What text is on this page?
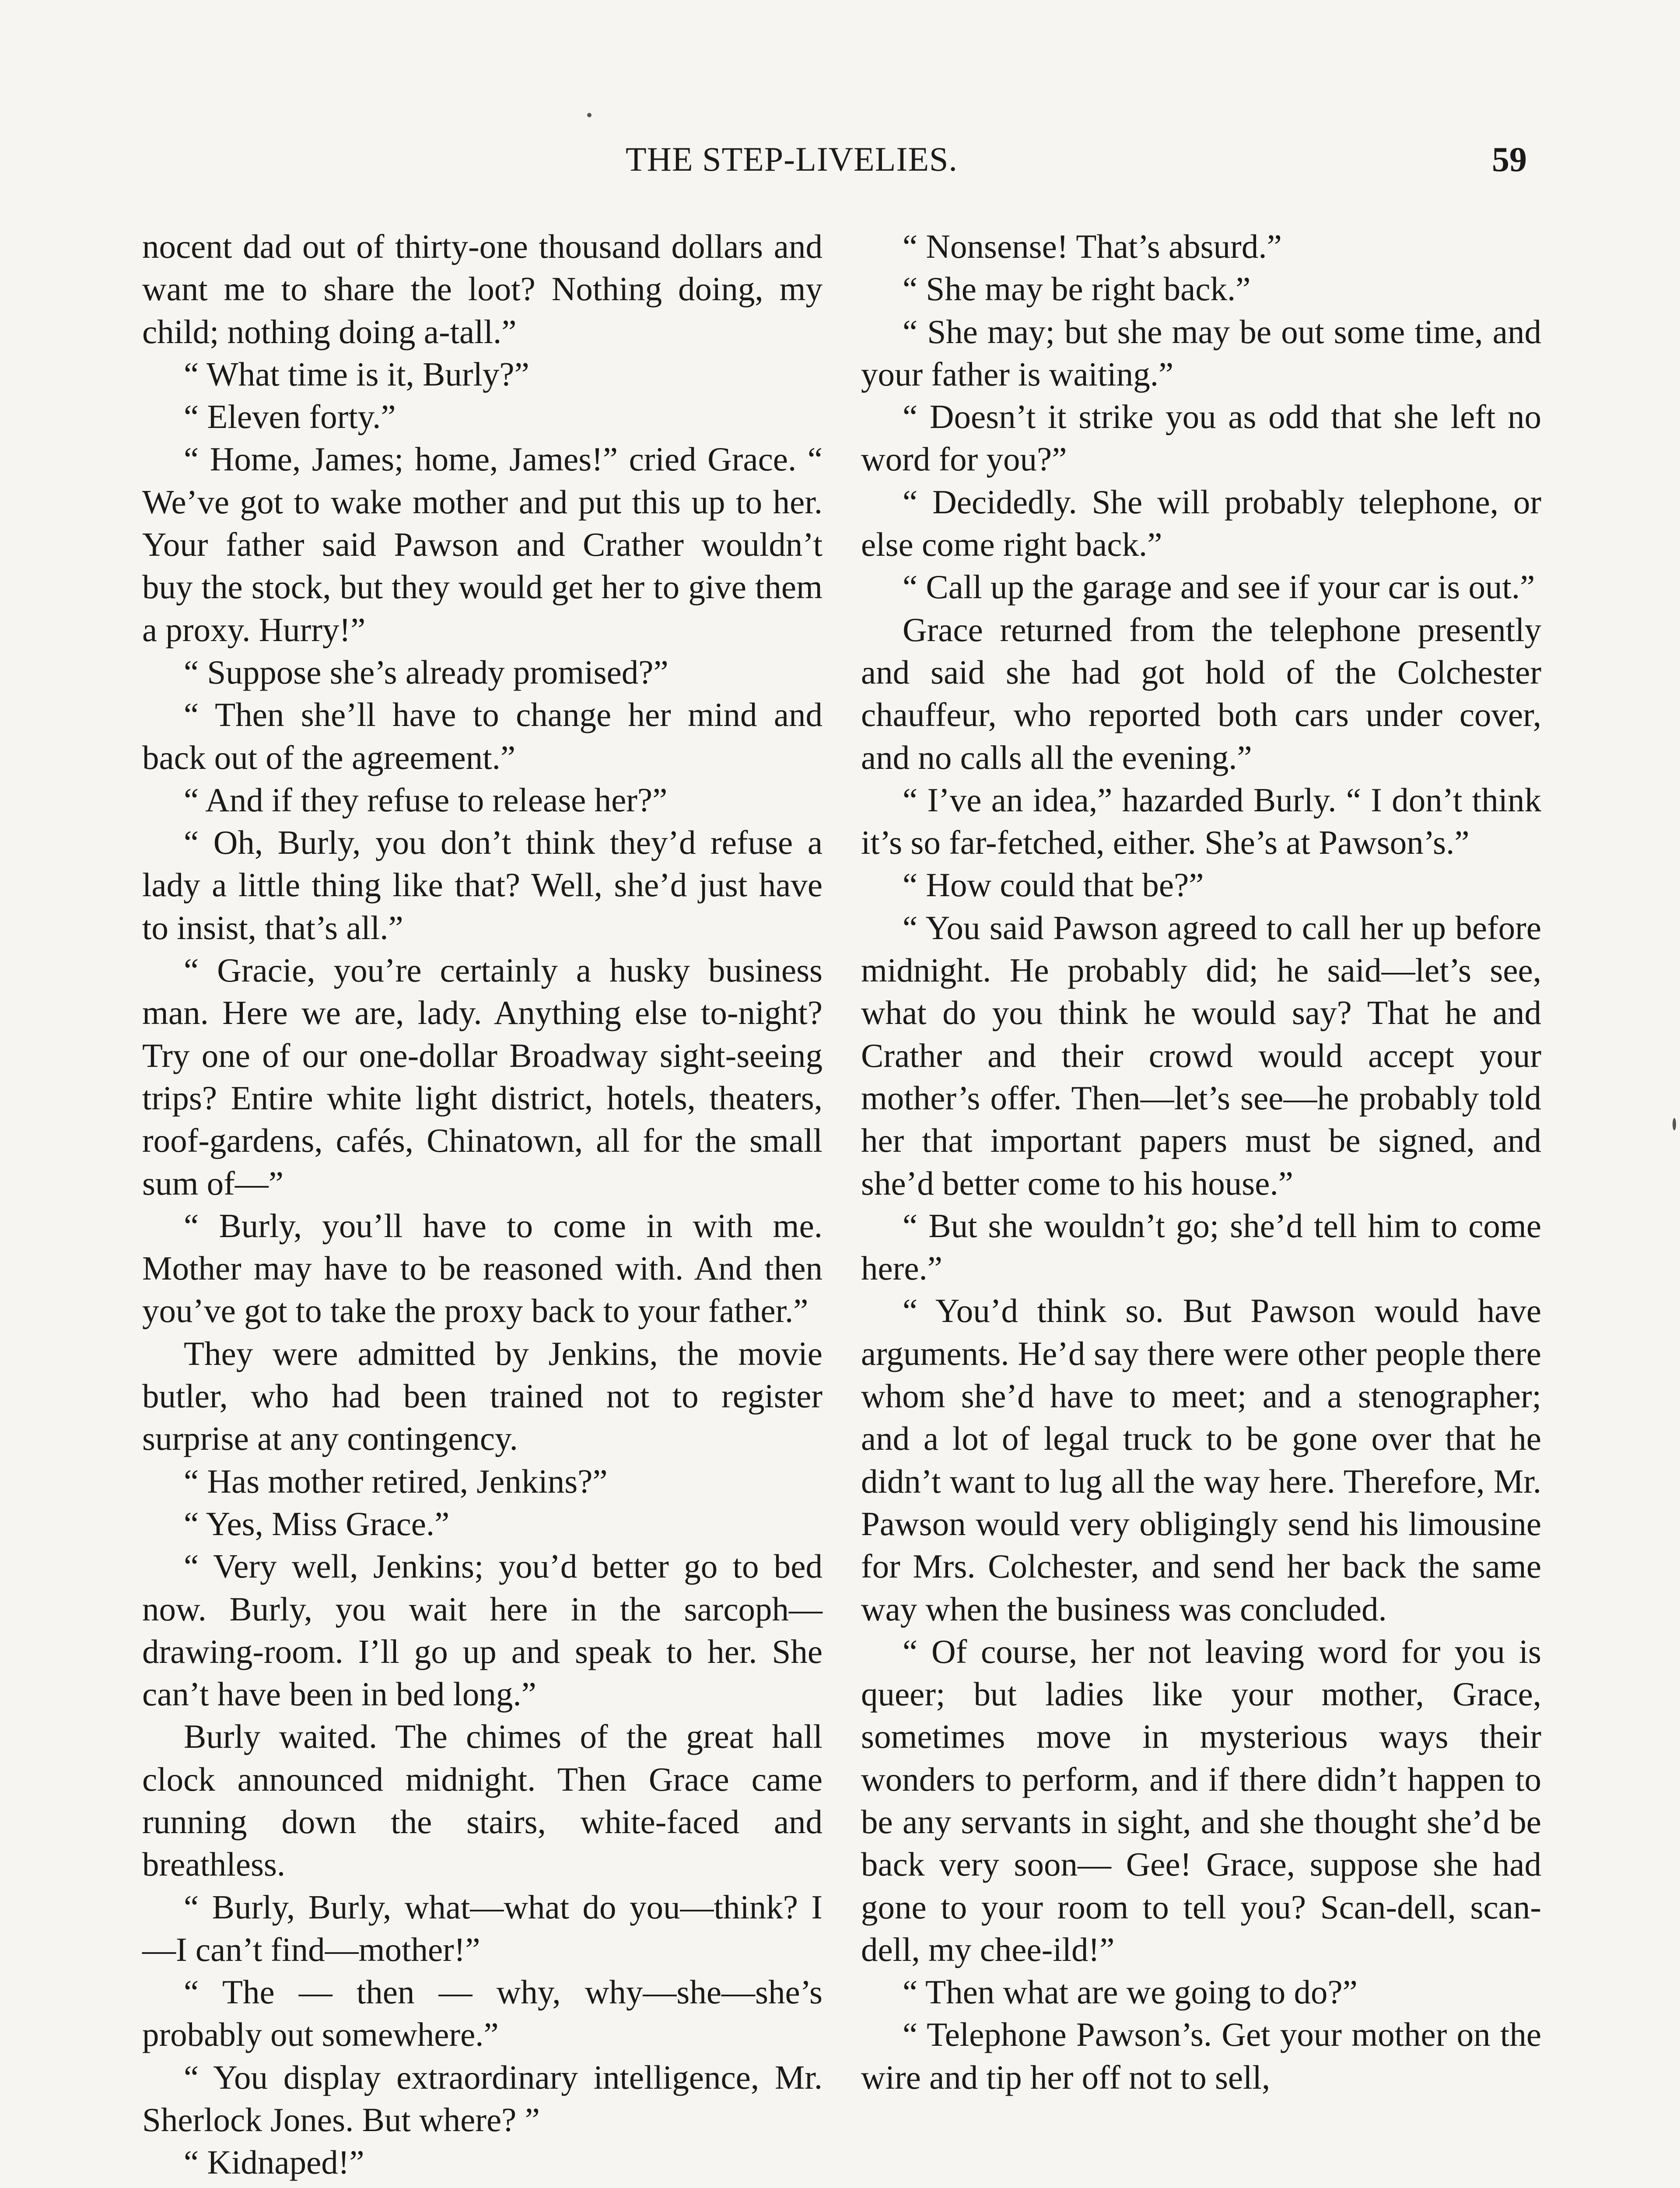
THE STEP-LIVELIES.	59

nocent dad out of thirty-one thousand dollars and want me to share the loot? Nothing doing, my child; nothing doing a-tall.”

“ What time is it, Burly?”

“ Eleven forty.”

“ Home, James; home, James!” cried Grace. “ We’ve got to wake mother and put this up to her. Your father said Pawson and Crather wouldn’t buy the stock, but they would get her to give them a proxy. Hurry!”

“ Suppose she’s already promised?”

“ Then she’ll have to change her mind and back out of the agreement.”

“ And if they refuse to release her?”

“ Oh, Burly, you don’t think they’d refuse a lady a little thing like that? Well, she’d just have to insist, that’s all.”

“ Gracie, you’re certainly a husky business man. Here we are, lady. Anything else to-night? Try one of our one-dollar Broadway sight-seeing trips? Entire white light district, hotels, theaters, roof-gardens, cafés, Chinatown, all for the small sum of—”

“ Burly, you’ll have to come in with me. Mother may have to be reasoned with. And then you’ve got to take the proxy back to your father.”

They were admitted by Jenkins, the movie butler, who had been trained not to register surprise at any contingency.

“ Has mother retired, Jenkins?”

“ Yes, Miss Grace.”

“ Very well, Jenkins; you’d better go to bed now. Burly, you wait here in the sarcoph—drawing-room. I’ll go up and speak to her. She can’t have been in bed long.”

Burly waited. The chimes of the great hall clock announced midnight. Then Grace came running down the stairs, white-faced and breathless.

“ Burly, Burly, what—what do you—think? I—I can’t find—mother!”

“ The — then — why, why—she—she’s probably out somewhere.”

“ You display extraordinary intelligence, Mr. Sherlock Jones. But where? ”

“ Kidnaped!”

“ Nonsense! That’s absurd.”

“ She may be right back.”

“ She may; but she may be out some time, and your father is waiting.”

“ Doesn’t it strike you as odd that she left no word for you?”

“ Decidedly. She will probably telephone, or else come right back.”

“ Call up the garage and see if your car is out.”

Grace returned from the telephone presently and said she had got hold of the Colchester chauffeur, who reported both cars under cover, and no calls all the evening.”

“ I’ve an idea,” hazarded Burly. “ I don’t think it’s so far-fetched, either. She’s at Pawson’s.”

“ How could that be?”

“ You said Pawson agreed to call her up before midnight. He probably did; he said—let’s see, what do you think he would say? That he and Crather and their crowd would accept your mother’s offer. Then—let’s see—he probably told her that important papers must be signed, and she’d better come to his house.”

“ But she wouldn’t go; she’d tell him to come here.”

“ You’d think so. But Pawson would have arguments. He’d say there were other people there whom she’d have to meet; and a stenographer; and a lot of legal truck to be gone over that he didn’t want to lug all the way here. Therefore, Mr. Pawson would very obligingly send his limousine for Mrs. Colchester, and send her back the same way when the business was concluded.

“ Of course, her not leaving word for you is queer; but ladies like your mother, Grace, sometimes move in mysterious ways their wonders to perform, and if there didn’t happen to be any servants in sight, and she thought she’d be back very soon— Gee! Grace, suppose she had gone to your room to tell you? Scan-dell, scan-dell, my chee-ild!”

“ Then what are we going to do?”

“ Telephone Pawson’s. Get your mother on the wire and tip her off not to sell,
